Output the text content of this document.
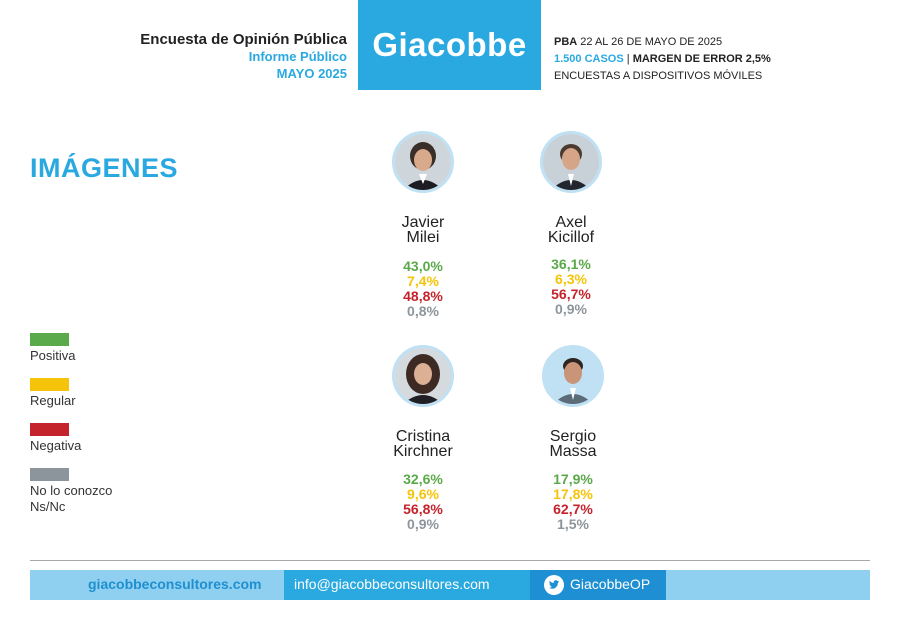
Encuesta de Opinión Pública
Informe Público
MAYO 2025
Giacobbe	PBA 22 AL 26 DE MAYO DE 2025
1.500 CASOS | MARGEN DE ERROR 2,5%
ENCUESTAS A DISPOSITIVOS MÓVILES
IMÁGENES
Positiva
Regular
Negativa
No lo conozco
Ns/Nc
Javier
Milei
43,0%
7,4%
48,8%
0,8%
Axel
Kicillof
36,1%
6,3%
56,7%
0,9%
Cristina
Kirchner
32,6%
9,6%
56,8%
0,9%
Sergio
Massa
17,9%
17,8%
62,7%
1,5%
giacobbeconsultores.com info@giacobbeconsultores.com	GiacobbeOP
